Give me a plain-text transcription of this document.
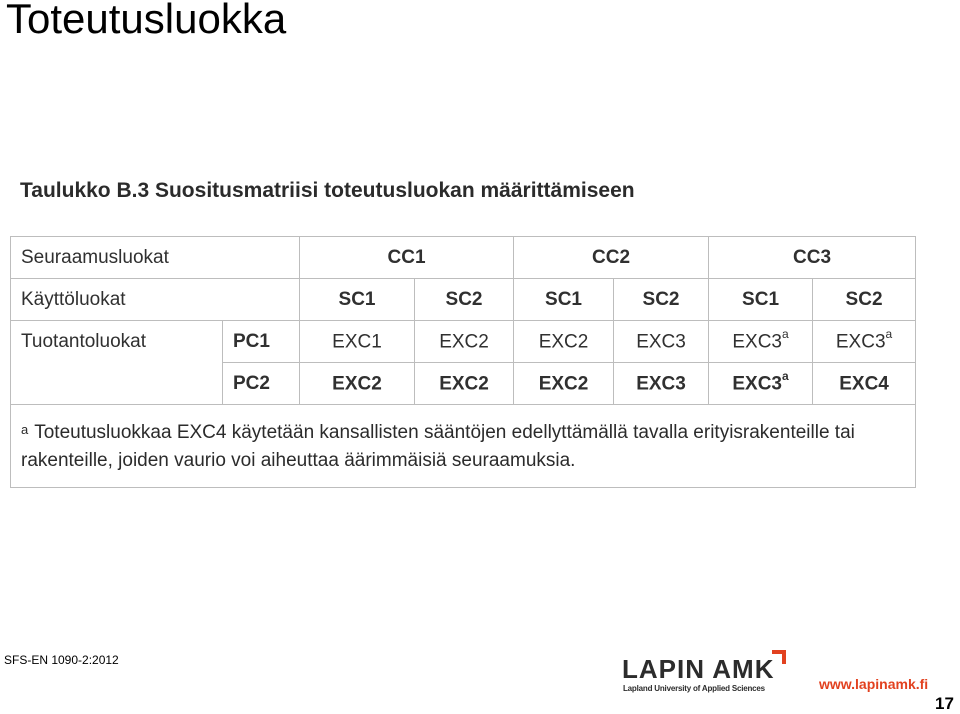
Toteutusluokka
Taulukko B.3 Suositusmatriisi toteutusluokan määrittämiseen
Seuraamusluokat		CC1		CC2		CC3	
Käyttöluokat		SC1	SC2	SC1	SC2	SC1	SC2
Tuotantoluokat	PC1	EXC1	EXC2	EXC2	EXC3	EXC3$^a$	EXC3$^a$
	PC2	EXC2	EXC2	EXC2	EXC3	EXC3$^a$	EXC4
$^a$ Toteutusluokkaa EXC4 käytetään kansallisten sääntöjen edellyttämällä tavalla erityisrakenteille tai rakenteille, joiden vaurio voi aiheuttaa äärimmäisiä seuraamuksia.							
SFS-EN 1090-2:2012	LAPIN AMK
Lapland University of Applied Sciences	www.lapinamk.fi
17
